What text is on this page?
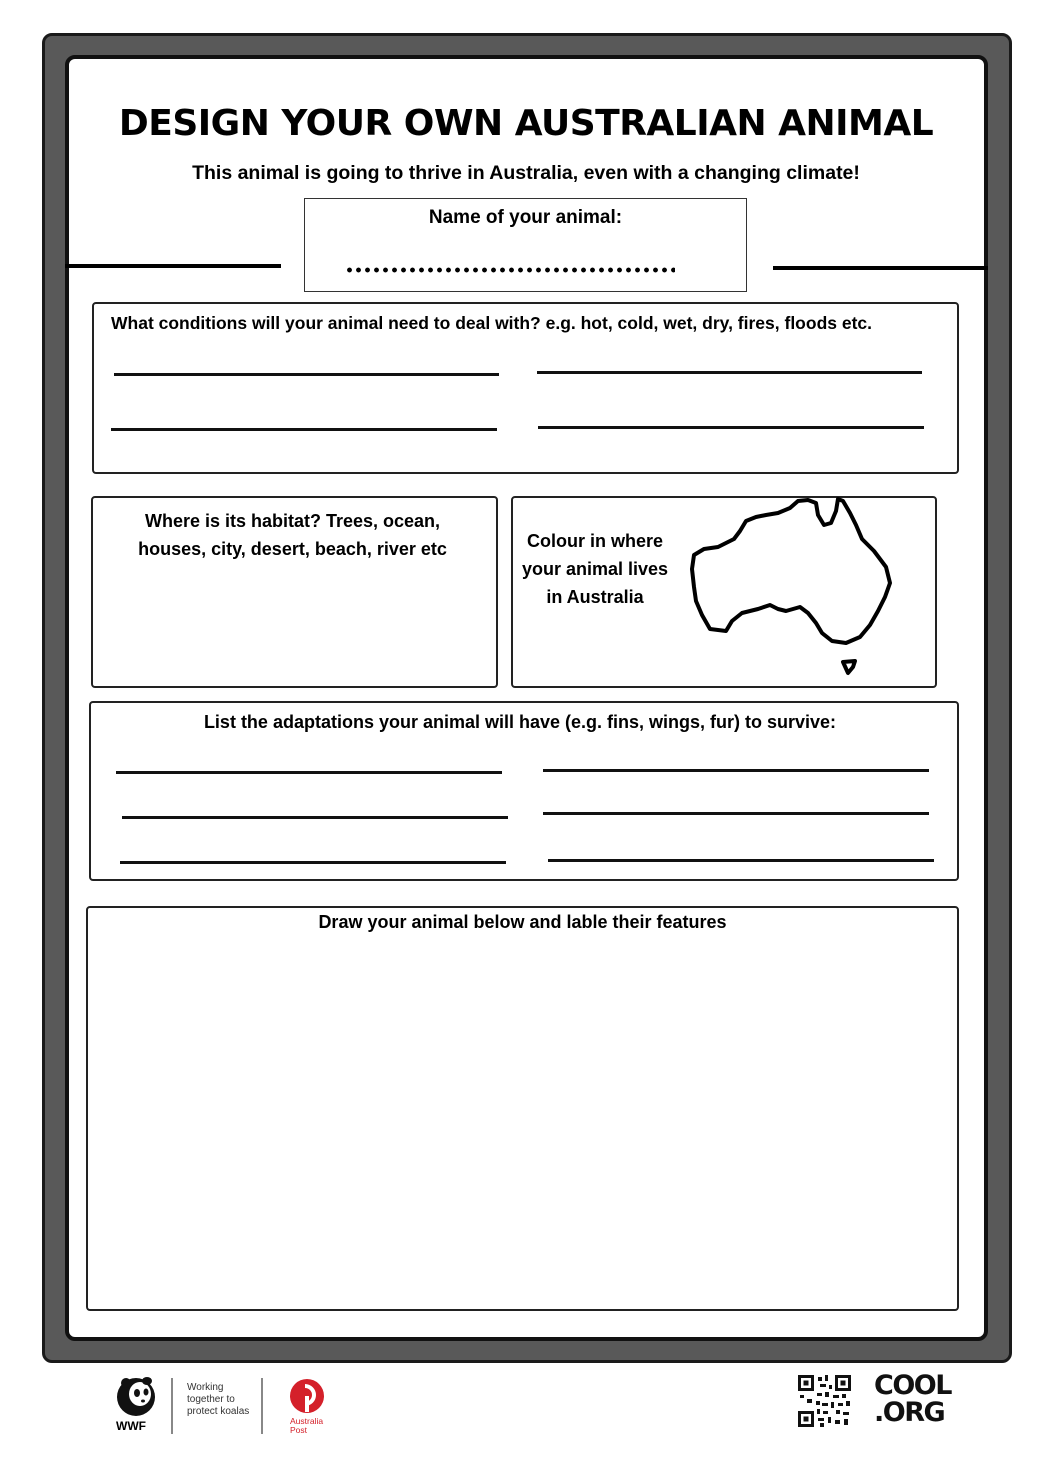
DESIGN YOUR OWN AUSTRALIAN ANIMAL
This animal is going to thrive in Australia, even with a changing climate!
Name of your animal:
What conditions will your animal need to deal with? e.g. hot, cold, wet, dry, fires, floods etc.
Where is its habitat? Trees, ocean, houses, city, desert, beach, river etc	Colour in where your animal lives in Australia
List the adaptations your animal will have (e.g. fins, wings, fur) to survive:
Draw your animal below and lable their features
WWF
Working together to protect koalas
Australia Post
COOL
.ORG
